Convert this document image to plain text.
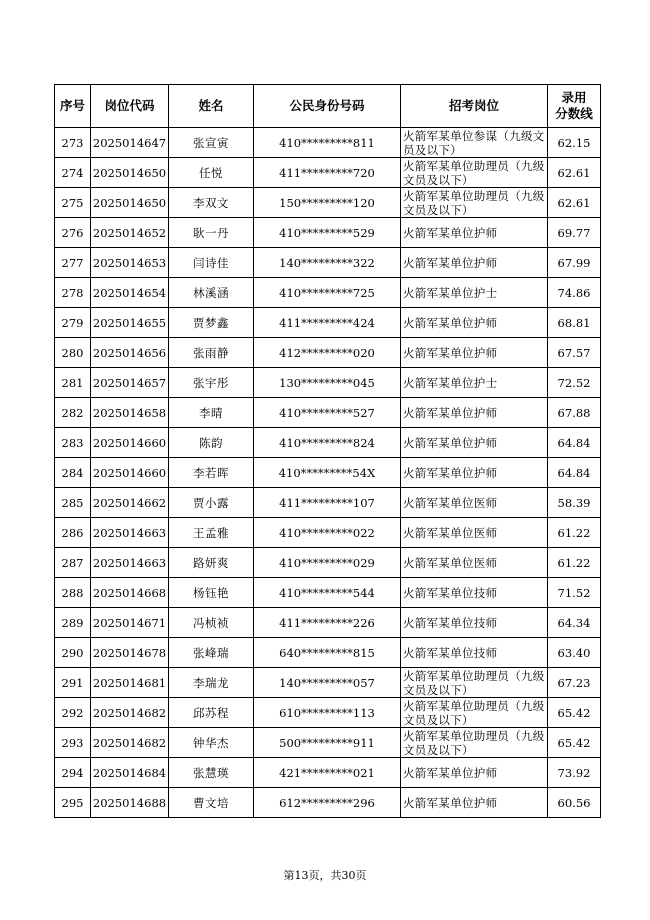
序号	岗位代码	姓名	公民身份号码	招考岗位	录用
分数线
273	2025014647	张宣寅	410*********811	火箭军某单位参谋（九级文员及以下）	62.15
274	2025014650	任悦	411*********720	火箭军某单位助理员（九级文员及以下）	62.61
275	2025014650	李双文	150*********120	火箭军某单位助理员（九级文员及以下）	62.61
276	2025014652	耿一丹	410*********529	火箭军某单位护师	69.77
277	2025014653	闫诗佳	140*********322	火箭军某单位护师	67.99
278	2025014654	林溪涵	410*********725	火箭军某单位护士	74.86
279	2025014655	贾梦鑫	411*********424	火箭军某单位护师	68.81
280	2025014656	张雨静	412*********020	火箭军某单位护师	67.57
281	2025014657	张宇彤	130*********045	火箭军某单位护士	72.52
282	2025014658	李晴	410*********527	火箭军某单位护师	67.88
283	2025014660	陈韵	410*********824	火箭军某单位护师	64.84
284	2025014660	李若晖	410*********54X	火箭军某单位护师	64.84
285	2025014662	贾小露	411*********107	火箭军某单位医师	58.39
286	2025014663	王孟雅	410*********022	火箭军某单位医师	61.22
287	2025014663	路妍爽	410*********029	火箭军某单位医师	61.22
288	2025014668	杨钰艳	410*********544	火箭军某单位技师	71.52
289	2025014671	冯桢祯	411*********226	火箭军某单位技师	64.34
290	2025014678	张峰瑞	640*********815	火箭军某单位技师	63.40
291	2025014681	李瑞龙	140*********057	火箭军某单位助理员（九级文员及以下）	67.23
292	2025014682	邱苏程	610*********113	火箭军某单位助理员（九级文员及以下）	65.42
293	2025014682	钟华杰	500*********911	火箭军某单位助理员（九级文员及以下）	65.42
294	2025014684	张慧瑛	421*********021	火箭军某单位护师	73.92
295	2025014688	曹文培	612*********296	火箭军某单位护师	60.56
第13页，共30页
